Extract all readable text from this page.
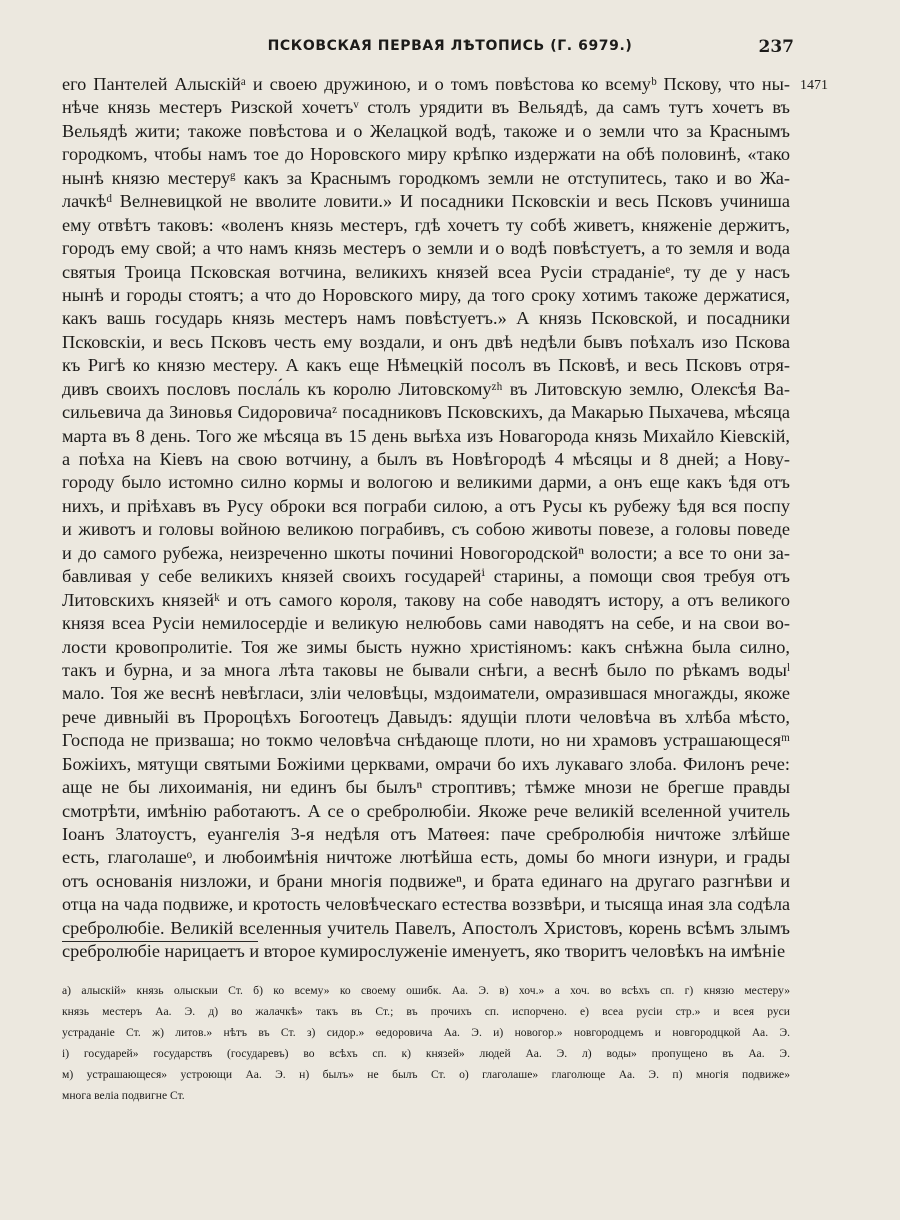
ПСКОВСКАЯ ПЕРВАЯ ЛѢТОПИСЬ (Г. 6979.)	237
1471
его Пантелей Алыскійᵃ и своею дружиною, и о томъ повѣстова ко всемуᵇ Пскову, что ны-
нѣче князь местеръ Ризской хочетъᵛ столъ урядити въ Вельядѣ, да самъ тутъ хочетъ въ
Вельядѣ жити; такоже повѣстова и о Желацкой водѣ, такоже и о земли что за Краснымъ
городкомъ, чтобы намъ тое до Норовского миру крѣпко издержати на обѣ половинѣ, «тако
нынѣ князю местеруᵍ какъ за Краснымъ городкомъ земли не отступитесь, тако и во Жа-
лачкѣᵈ Велневицкой не вволите ловити.» И посадники Псковскіи и весь Псковъ учиниша
ему отвѣтъ таковъ: «воленъ князь местеръ, гдѣ хочетъ ту собѣ живетъ, княженіе держитъ,
городъ ему свой; а что намъ князь местеръ о земли и о водѣ повѣстуетъ, а то земля и вода
святыя Троица Псковская вотчина, великихъ князей всеа Русіи страданіеᵉ, ту де у насъ
нынѣ и городы стоятъ; а что до Норовского миру, да того сроку хотимъ такоже держатися,
какъ вашь государь князь местеръ намъ повѣстуетъ.» А князь Псковской, и посадники
Псковскіи, и весь Псковъ честь ему воздали, и онъ двѣ недѣли бывъ поѣхалъ изо Пскова
къ Ригѣ ко князю местеру. А какъ еще Нѣмецкій посолъ въ Псковѣ, и весь Псковъ отря-
дивъ своихъ пословъ посла́ль къ королю Литовскомуᶻʰ въ Литовскую землю, Олексѣя Ва-
сильевича да Зиновья Сидоровичаᶻ посадниковъ Псковскихъ, да Макарью Пыхачева, мѣсяца
марта въ 8 день. Того же мѣсяца въ 15 день выѣха изъ Новагорода князь Михайло Кіевскій,
а поѣха на Кіевъ на свою вотчину, а былъ въ Новѣгородѣ 4 мѣсяцы и 8 дней; а Нову-
городу было истомно силно кормы и вологою и великими дарми, а онъ еще какъ ѣдя отъ
нихъ, и пріѣхавъ въ Русу оброки вся пограби силою, а отъ Русы къ рубежу ѣдя вся поспу
и животъ и головы войною великою пограбивъ, съ собою животы повезе, а головы поведе
и до самого рубежа, неизреченно шкоты починиi Новогородскойⁿ волости; а все то они за-
бавливая у себе великихъ князей своихъ государейⁱ старины, а помощи своя требуя отъ
Литовскихъ князейᵏ и отъ самого короля, такову на собе наводятъ истору, а отъ великого
князя всеа Русіи немилосердіе и великую нелюбовь сами наводятъ на себе, и на свои во-
лости кровопролитіе. Тоя же зимы бысть нужно христіяномъ: какъ снѣжна была силно,
такъ и бурна, и за многа лѣта таковы не бывали снѣги, а веснѣ было по рѣкамъ водыˡ
мало. Тоя же веснѣ невѣгласи, злiи человѣцы, мздоиматели, омразившася многажды, якоже
рече дивныйi въ Пророцѣхъ Богоотецъ Давыдъ: ядущіи плоти человѣча въ хлѣба мѣсто,
Господа не призваша; но токмо человѣча снѣдающе плоти, но ни храмовъ устрашающесяᵐ
Божіихъ, мятущи святыми Божіими церквами, омрачи бо ихъ лукаваго злоба. Филонъ рече:
аще не бы лихоиманія, ни единъ бы былъⁿ строптивъ; тѣмже мнози не брегше правды
смотрѣти, имѣнію работаютъ. А се о сребролюбіи. Якоже рече великій вселенной учитель
Іоанъ Златоустъ, еуангелія 3-я недѣля отъ Матѳея: паче сребролюбія ничтоже злѣйше
есть, глаголашеᵒ, и любоимѣнія ничтоже лютѣйша есть, домы бо многи изнури, и грады
отъ основанія низложи, и брани многія подвижеⁿ, и брата единаго на другаго разгнѣви и
отца на чада подвиже, и кротость человѣческаго естества воззвѣри, и тысяща иная зла содѣла
сребролюбіе. Великій вселенныя учитель Павелъ, Апостолъ Христовъ, корень всѣмъ злымъ
сребролюбіе нарицаетъ и второе кумирослуженіе именуетъ, яко творитъ человѣкъ на имѣніе
а) алыскій» князь олыскыи Ст. б) ко всему» ко своему ошибк. Аа. Э. в) хоч.» а хоч. во всѣхъ сп. г) князю местеру»
князь местеръ Аа. Э. д) во жалачкѣ» такъ въ Ст.; въ прочихъ сп. испорчено. е) всеа русіи стр.» и всея руси
устраданіе Ст. ж) литов.» нѣтъ въ Ст. з) сидор.» ѳедоровича Аа. Э. и) новогор.» новгородцемъ и новгородцкой Аа. Э.
і) государей» государствъ (государевъ) во всѣхъ сп. к) князей» людей Аа. Э. л) воды» пропущено въ Аа. Э.
м) устрашающеся» устроющи Аа. Э. н) былъ» не былъ Ст. о) глаголаше» глаголюще Аа. Э. п) многія подвиже»
многа велiа подвигне Ст.
